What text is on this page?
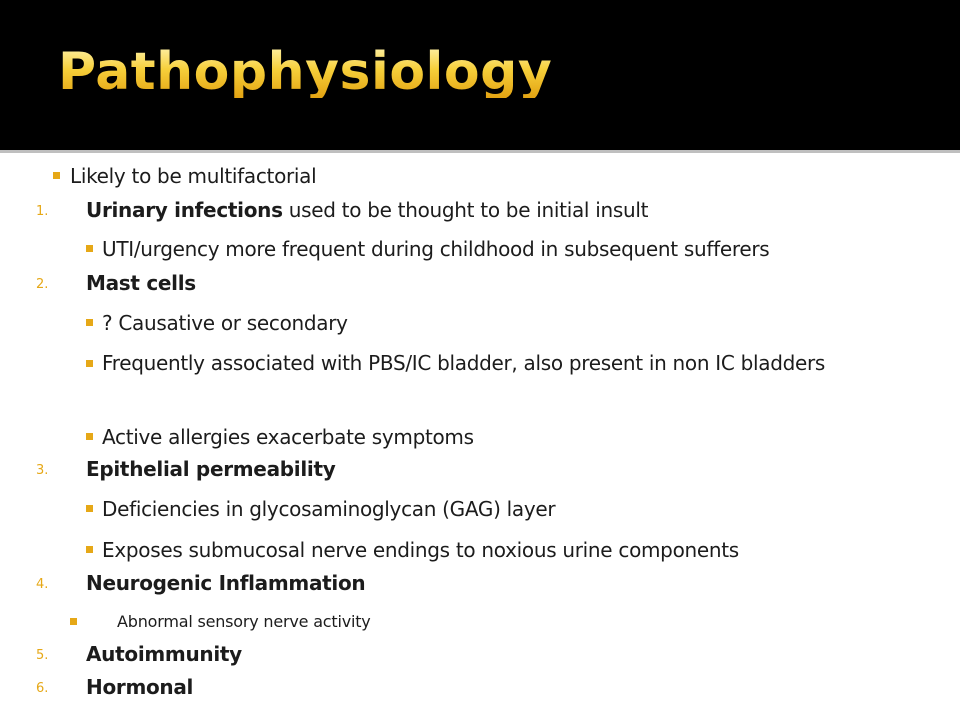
Pathophysiology
Likely to be multifactorial
1. Urinary infections used to be thought to be initial insult
UTI/urgency more frequent during childhood in subsequent sufferers
2. Mast cells
? Causative or secondary
Frequently associated with PBS/IC bladder, also present in non IC bladders
Active allergies exacerbate symptoms
3. Epithelial permeability
Deficiencies in glycosaminoglycan (GAG) layer
Exposes submucosal nerve endings to noxious urine components
4. Neurogenic Inflammation
Abnormal sensory nerve activity
5. Autoimmunity
6. Hormonal
